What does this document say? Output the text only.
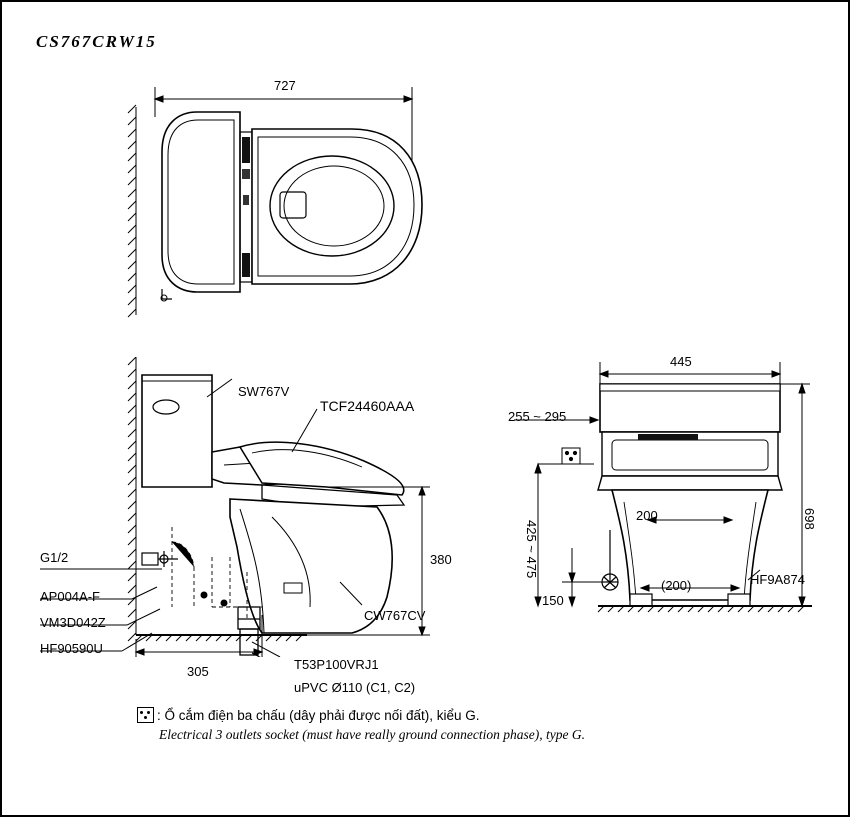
CS767CRW15
727
SW767V
TCF24460AAA
CW767CV
380
305
G1/2
AP004A-F
VM3D042Z
HF90590U
T53P100VRJ1
uPVC Ø110 (C1, C2)
445
698
255 ~ 295
425 ~ 475
200
(200)
150
HF9A874
: Ổ cắm điện ba chấu (dây phải được nối đất), kiểu G.
Electrical 3 outlets socket (must have really ground connection phase), type G.
